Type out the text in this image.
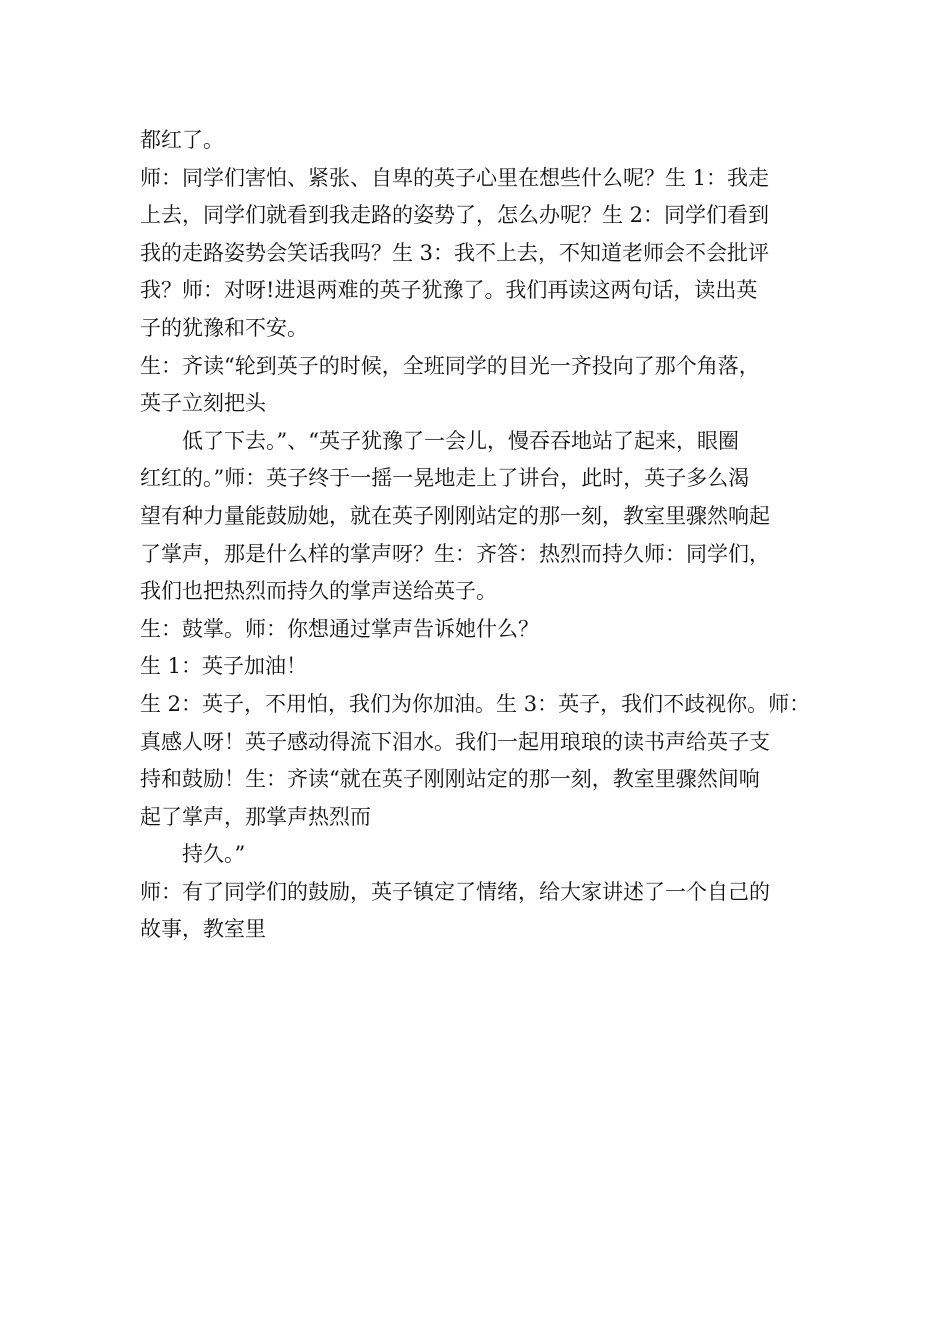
都红了。
师：同学们害怕、紧张、自卑的英子心里在想些什么呢？生 1：我走
上去，同学们就看到我走路的姿势了，怎么办呢？生 2：同学们看到
我的走路姿势会笑话我吗？生 3：我不上去，不知道老师会不会批评
我？师：对呀!进退两难的英子犹豫了。我们再读这两句话，读出英
子的犹豫和不安。
生：齐读“轮到英子的时候，全班同学的目光一齐投向了那个角落，
英子立刻把头
低了下去。”、“英子犹豫了一会儿，慢吞吞地站了起来，眼圈
红红的。”师：英子终于一摇一晃地走上了讲台，此时，英子多么渴
望有种力量能鼓励她，就在英子刚刚站定的那一刻，教室里骤然响起
了掌声，那是什么样的掌声呀？生：齐答：热烈而持久师：同学们，
我们也把热烈而持久的掌声送给英子。
生：鼓掌。师：你想通过掌声告诉她什么？
生 1：英子加油！
生 2：英子，不用怕，我们为你加油。生 3：英子，我们不歧视你。师：
真感人呀！英子感动得流下泪水。我们一起用琅琅的读书声给英子支
持和鼓励！生：齐读“就在英子刚刚站定的那一刻，教室里骤然间响
起了掌声，那掌声热烈而
持久。”
师：有了同学们的鼓励，英子镇定了情绪，给大家讲述了一个自己的
故事，教室里
